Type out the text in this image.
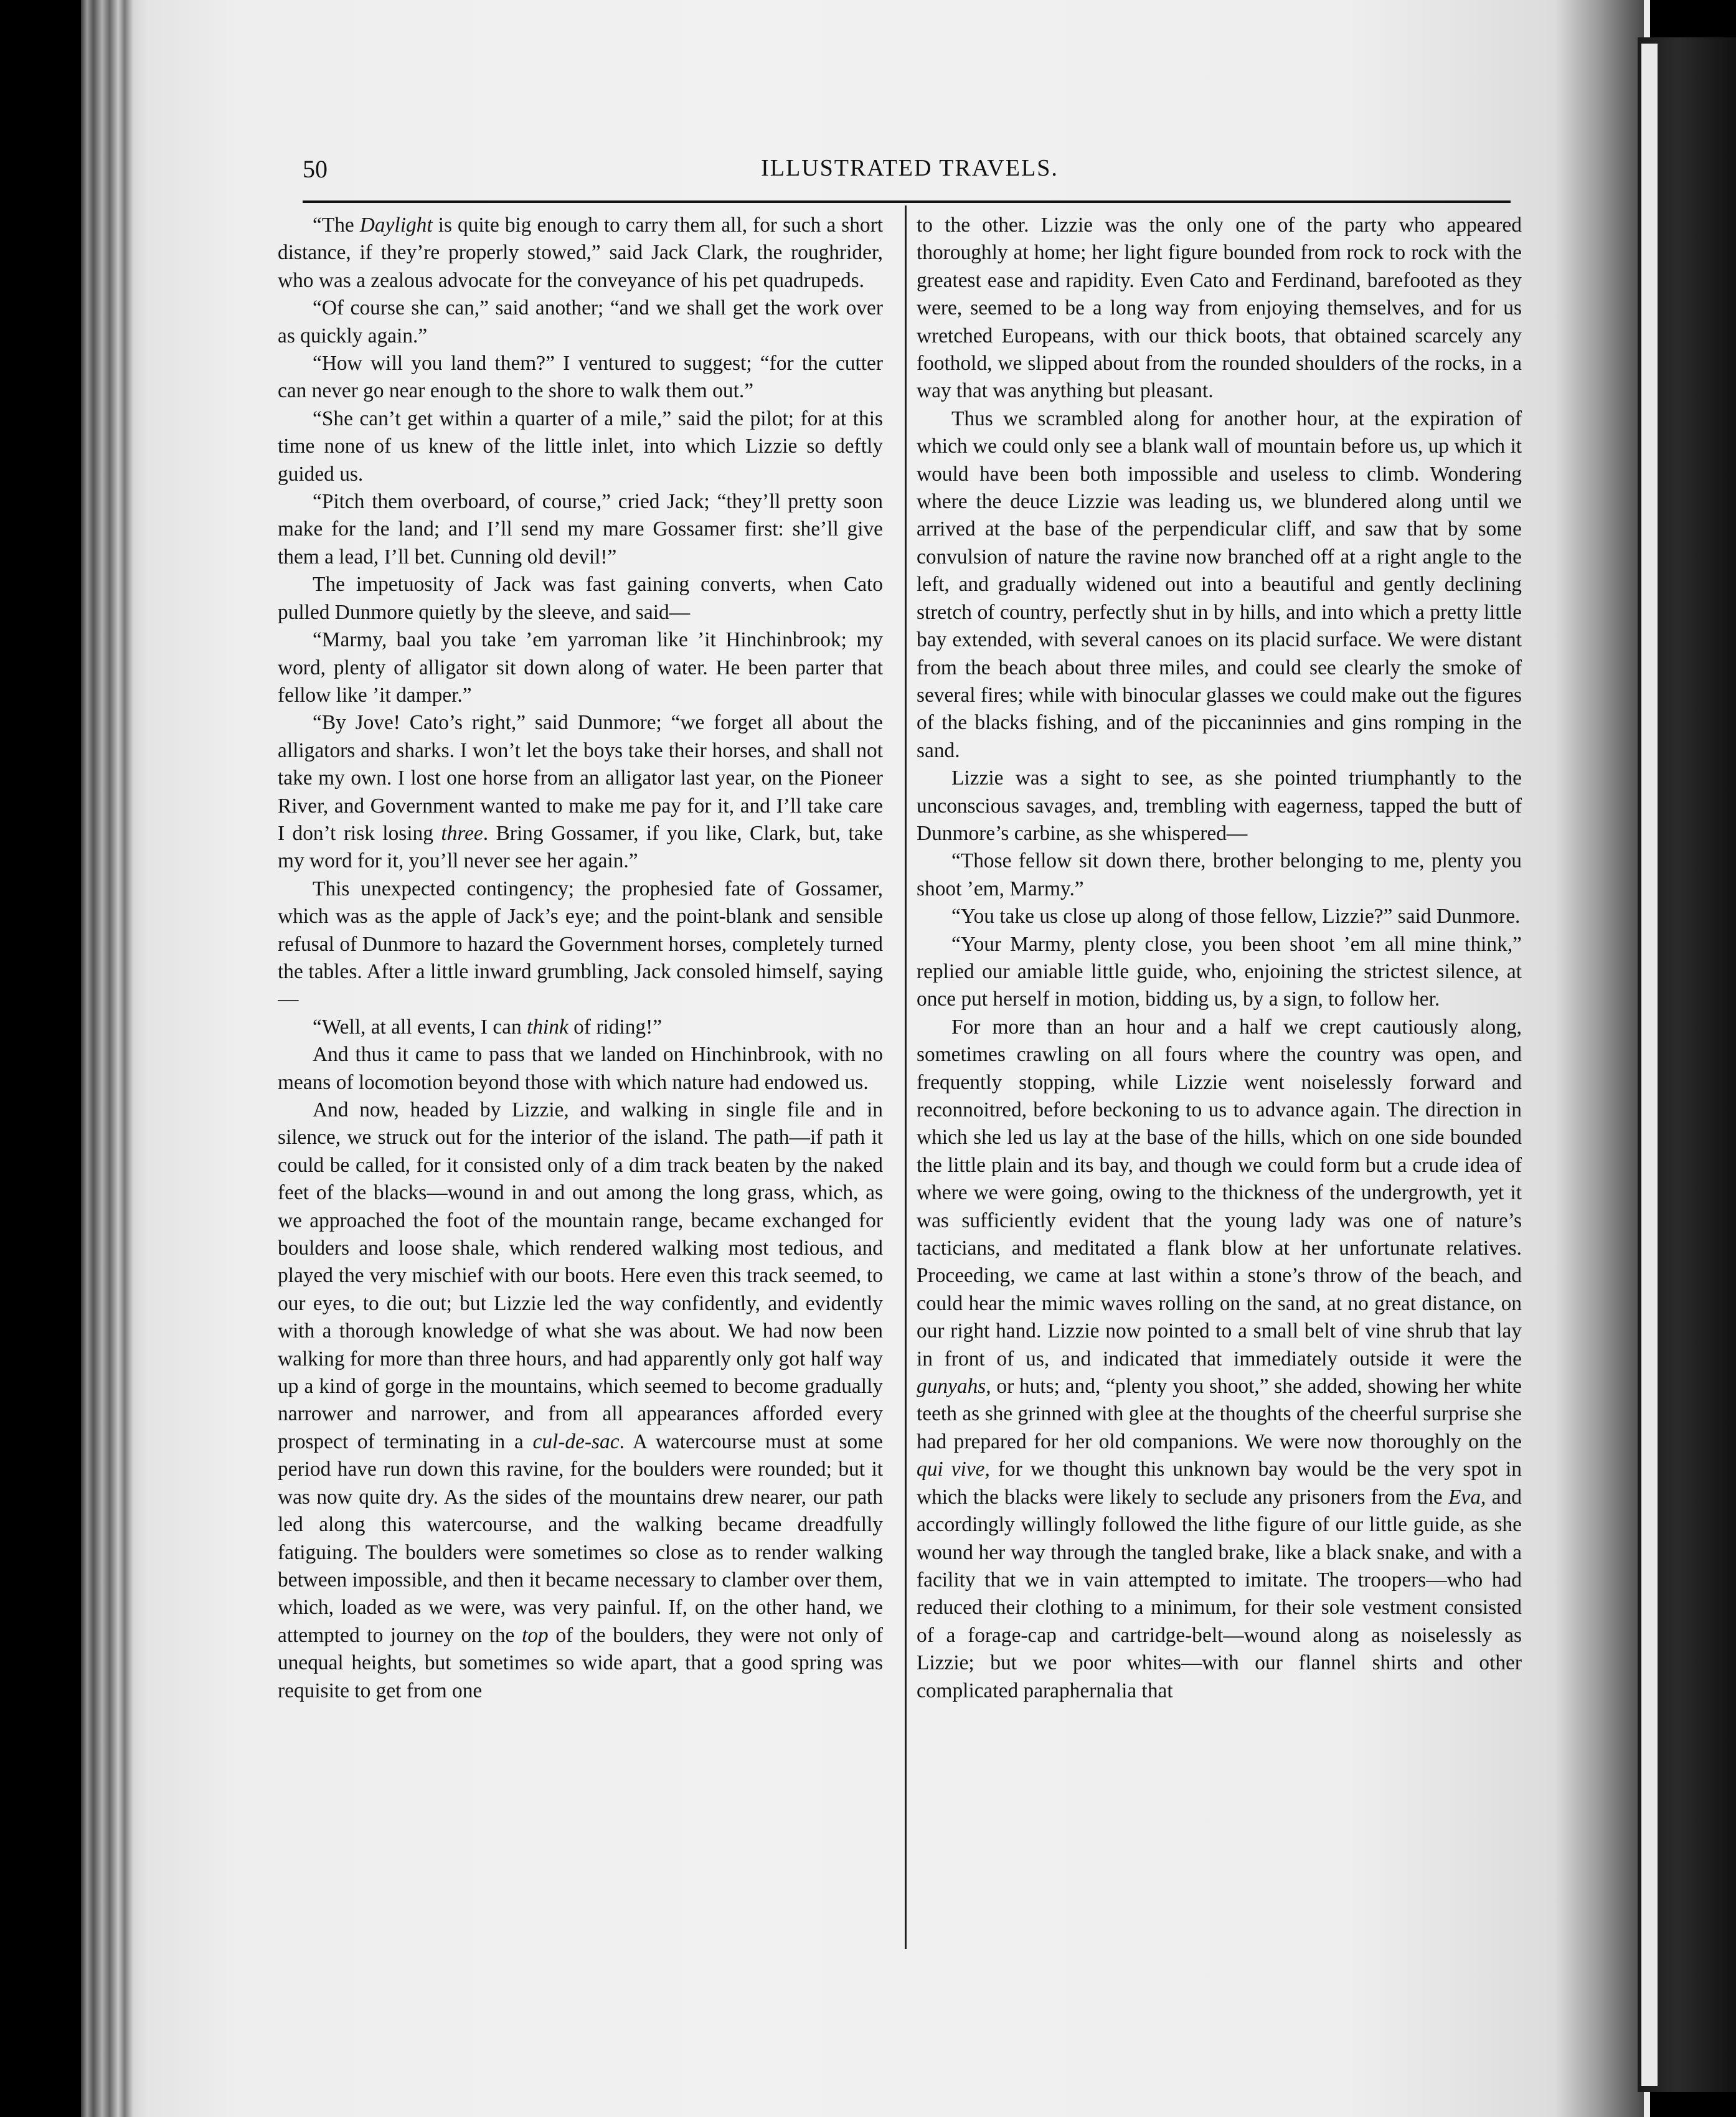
50	ILLUSTRATED TRAVELS.

“The Daylight is quite big enough to carry them all, for such a short distance, if they’re properly stowed,” said Jack Clark, the roughrider, who was a zealous advocate for the conveyance of his pet quadrupeds.

“Of course she can,” said another; “and we shall get the work over as quickly again.”

“How will you land them?” I ventured to suggest; “for the cutter can never go near enough to the shore to walk them out.”

“She can’t get within a quarter of a mile,” said the pilot; for at this time none of us knew of the little inlet, into which Lizzie so deftly guided us.

“Pitch them overboard, of course,” cried Jack; “they’ll pretty soon make for the land; and I’ll send my mare Gossamer first: she’ll give them a lead, I’ll bet. Cunning old devil!”

The impetuosity of Jack was fast gaining converts, when Cato pulled Dunmore quietly by the sleeve, and said—

“Marmy, baal you take ’em yarroman like ’it Hinchinbrook; my word, plenty of alligator sit down along of water. He been parter that fellow like ’it damper.”

“By Jove! Cato’s right,” said Dunmore; “we forget all about the alligators and sharks. I won’t let the boys take their horses, and shall not take my own. I lost one horse from an alligator last year, on the Pioneer River, and Government wanted to make me pay for it, and I’ll take care I don’t risk losing three. Bring Gossamer, if you like, Clark, but, take my word for it, you’ll never see her again.”

This unexpected contingency; the prophesied fate of Gossamer, which was as the apple of Jack’s eye; and the point-blank and sensible refusal of Dunmore to hazard the Government horses, completely turned the tables. After a little inward grumbling, Jack consoled himself, saying—

“Well, at all events, I can think of riding!”

And thus it came to pass that we landed on Hinchinbrook, with no means of locomotion beyond those with which nature had endowed us.

And now, headed by Lizzie, and walking in single file and in silence, we struck out for the interior of the island. The path—if path it could be called, for it consisted only of a dim track beaten by the naked feet of the blacks—wound in and out among the long grass, which, as we approached the foot of the mountain range, became exchanged for boulders and loose shale, which rendered walking most tedious, and played the very mischief with our boots. Here even this track seemed, to our eyes, to die out; but Lizzie led the way confidently, and evidently with a thorough knowledge of what she was about. We had now been walking for more than three hours, and had apparently only got half way up a kind of gorge in the mountains, which seemed to become gradually narrower and narrower, and from all appearances afforded every prospect of terminating in a cul-de-sac. A watercourse must at some period have run down this ravine, for the boulders were rounded; but it was now quite dry. As the sides of the mountains drew nearer, our path led along this watercourse, and the walking became dreadfully fatiguing. The boulders were sometimes so close as to render walking between impossible, and then it became necessary to clamber over them, which, loaded as we were, was very painful. If, on the other hand, we attempted to journey on the top of the boulders, they were not only of unequal heights, but sometimes so wide apart, that a good spring was requisite to get from one

to the other. Lizzie was the only one of the party who appeared thoroughly at home; her light figure bounded from rock to rock with the greatest ease and rapidity. Even Cato and Ferdinand, barefooted as they were, seemed to be a long way from enjoying themselves, and for us wretched Europeans, with our thick boots, that obtained scarcely any foothold, we slipped about from the rounded shoulders of the rocks, in a way that was anything but pleasant.

Thus we scrambled along for another hour, at the expiration of which we could only see a blank wall of mountain before us, up which it would have been both impossible and useless to climb. Wondering where the deuce Lizzie was leading us, we blundered along until we arrived at the base of the perpendicular cliff, and saw that by some convulsion of nature the ravine now branched off at a right angle to the left, and gradually widened out into a beautiful and gently declining stretch of country, perfectly shut in by hills, and into which a pretty little bay extended, with several canoes on its placid surface. We were distant from the beach about three miles, and could see clearly the smoke of several fires; while with binocular glasses we could make out the figures of the blacks fishing, and of the piccaninnies and gins romping in the sand.

Lizzie was a sight to see, as she pointed triumphantly to the unconscious savages, and, trembling with eagerness, tapped the butt of Dunmore’s carbine, as she whispered—

“Those fellow sit down there, brother belonging to me, plenty you shoot ’em, Marmy.”

“You take us close up along of those fellow, Lizzie?” said Dunmore.

“Your Marmy, plenty close, you been shoot ’em all mine think,” replied our amiable little guide, who, enjoining the strictest silence, at once put herself in motion, bidding us, by a sign, to follow her.

For more than an hour and a half we crept cautiously along, sometimes crawling on all fours where the country was open, and frequently stopping, while Lizzie went noiselessly forward and reconnoitred, before beckoning to us to advance again. The direction in which she led us lay at the base of the hills, which on one side bounded the little plain and its bay, and though we could form but a crude idea of where we were going, owing to the thickness of the undergrowth, yet it was sufficiently evident that the young lady was one of nature’s tacticians, and meditated a flank blow at her unfortunate relatives. Proceeding, we came at last within a stone’s throw of the beach, and could hear the mimic waves rolling on the sand, at no great distance, on our right hand. Lizzie now pointed to a small belt of vine shrub that lay in front of us, and indicated that immediately outside it were the gunyahs, or huts; and, “plenty you shoot,” she added, showing her white teeth as she grinned with glee at the thoughts of the cheerful surprise she had prepared for her old companions. We were now thoroughly on the qui vive, for we thought this unknown bay would be the very spot in which the blacks were likely to seclude any prisoners from the Eva, and accordingly willingly followed the lithe figure of our little guide, as she wound her way through the tangled brake, like a black snake, and with a facility that we in vain attempted to imitate. The troopers—who had reduced their clothing to a minimum, for their sole vestment consisted of a forage-cap and cartridge-belt—wound along as noiselessly as Lizzie; but we poor whites—with our flannel shirts and other complicated paraphernalia that
